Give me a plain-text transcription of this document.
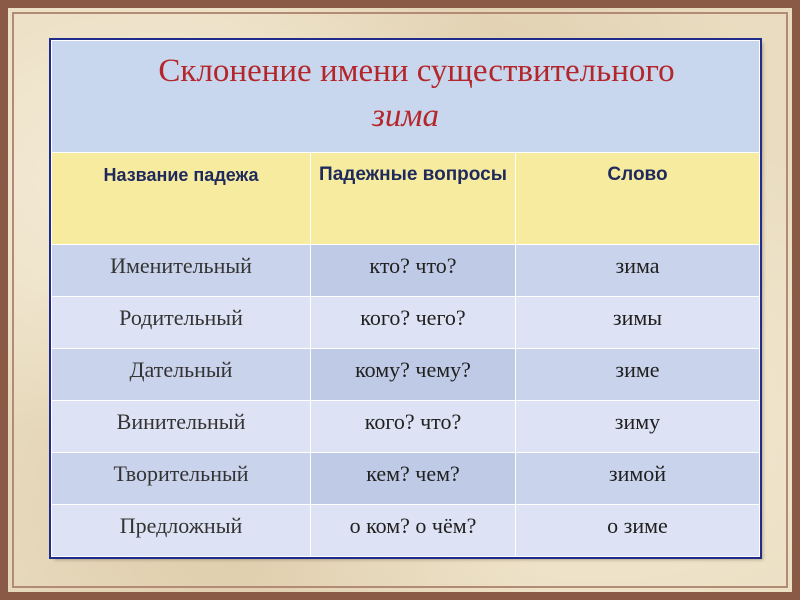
Склонение имени существительного
зима		

Название падежа	Падежные вопросы	Слово
Именительный	кто? что?	зима
Родительный	кого? чего?	зимы
Дательный	кому? чему?	зиме
Винительный	кого? что?	зиму
Творительный	кем? чем?	зимой
Предложный	о ком? о чём?	о зиме
